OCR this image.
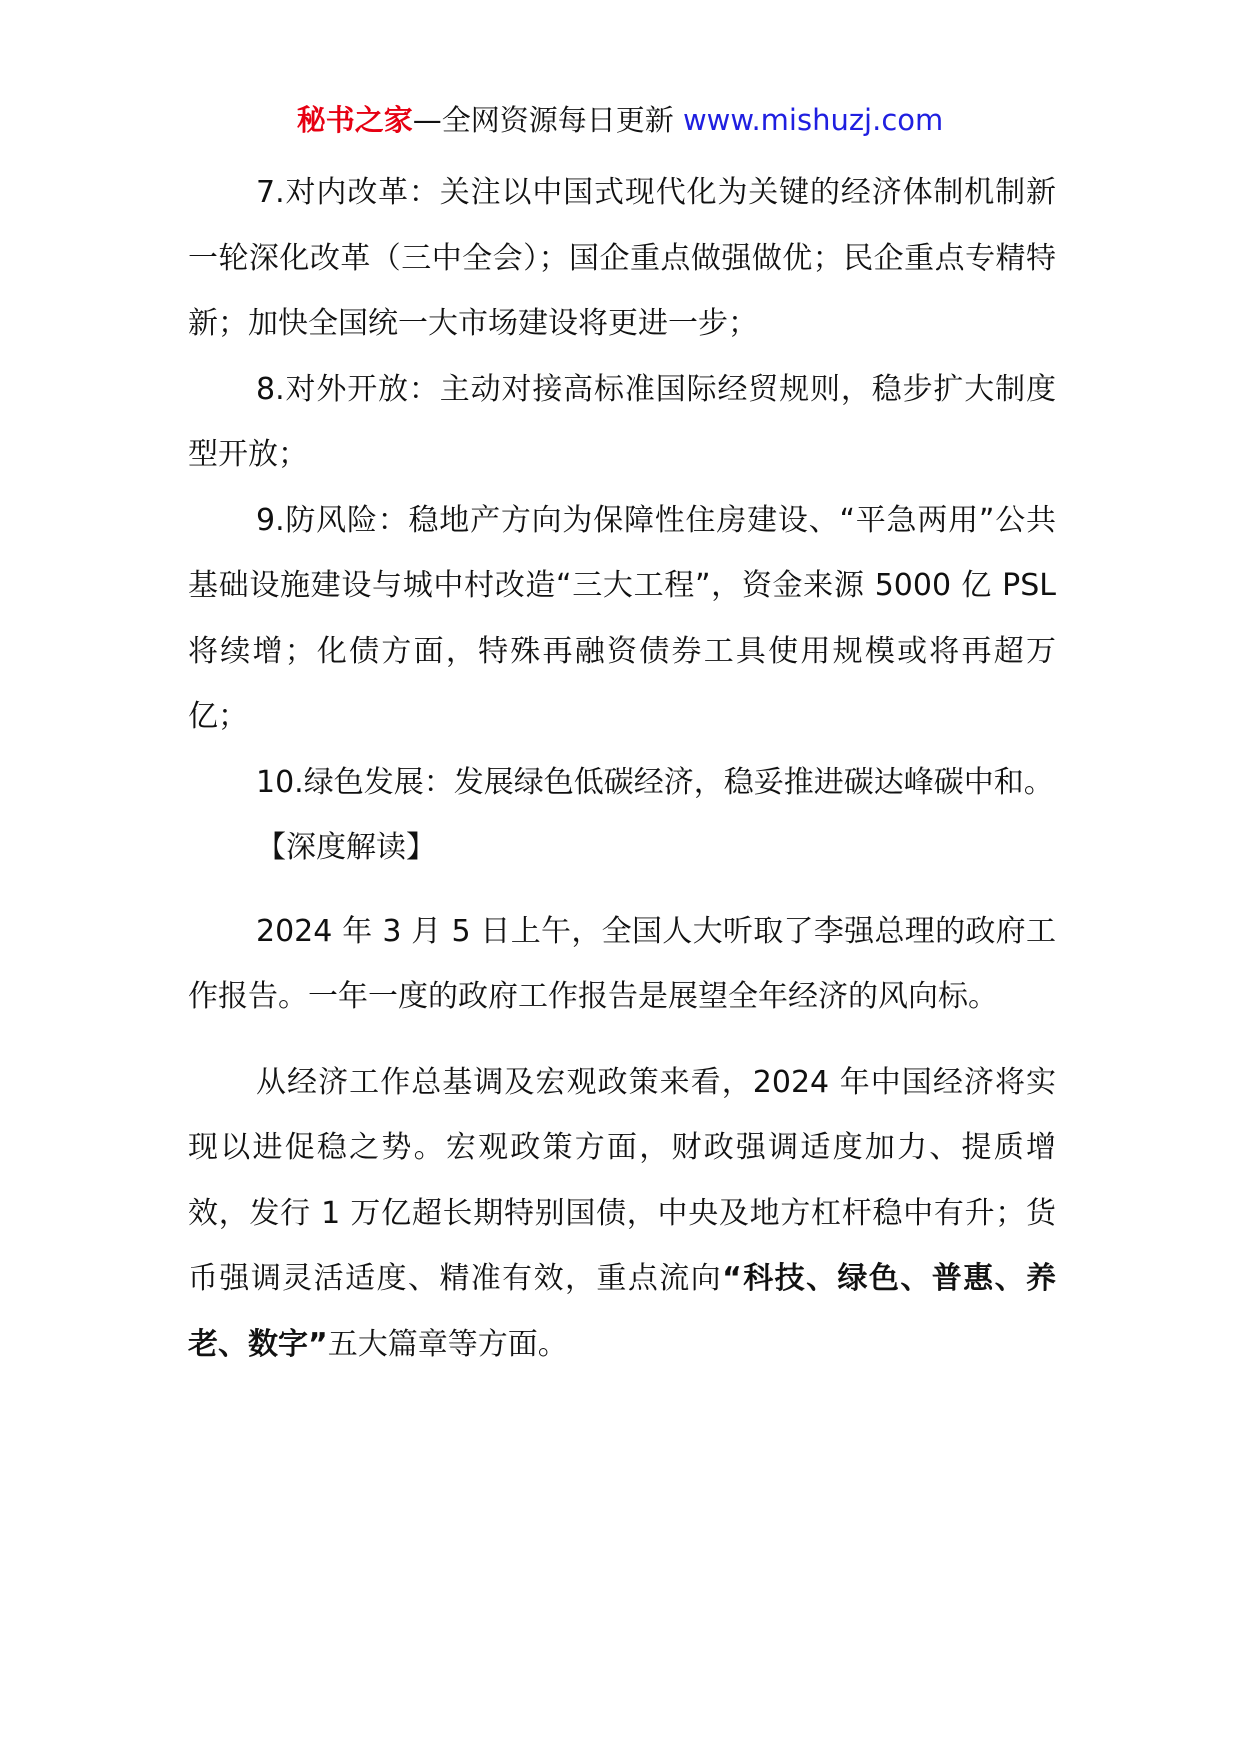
秘书之家—全网资源每日更新 www.mishuzj.com

7.对内改革：关注以中国式现代化为关键的经济体制机制新一轮深化改革（三中全会）；国企重点做强做优；民企重点专精特新；加快全国统一大市场建设将更进一步；

8.对外开放：主动对接高标准国际经贸规则，稳步扩大制度型开放；

9.防风险：稳地产方向为保障性住房建设、“平急两用”公共基础设施建设与城中村改造“三大工程”，资金来源 5000 亿 PSL 将续增；化债方面，特殊再融资债券工具使用规模或将再超万亿；

10.绿色发展：发展绿色低碳经济，稳妥推进碳达峰碳中和。

【深度解读】

2024 年 3 月 5 日上午，全国人大听取了李强总理的政府工作报告。一年一度的政府工作报告是展望全年经济的风向标。

从经济工作总基调及宏观政策来看，2024 年中国经济将实现以进促稳之势。宏观政策方面，财政强调适度加力、提质增效，发行 1 万亿超长期特别国债，中央及地方杠杆稳中有升；货币强调灵活适度、精准有效，重点流向“科技、绿色、普惠、养老、数字”五大篇章等方面。
